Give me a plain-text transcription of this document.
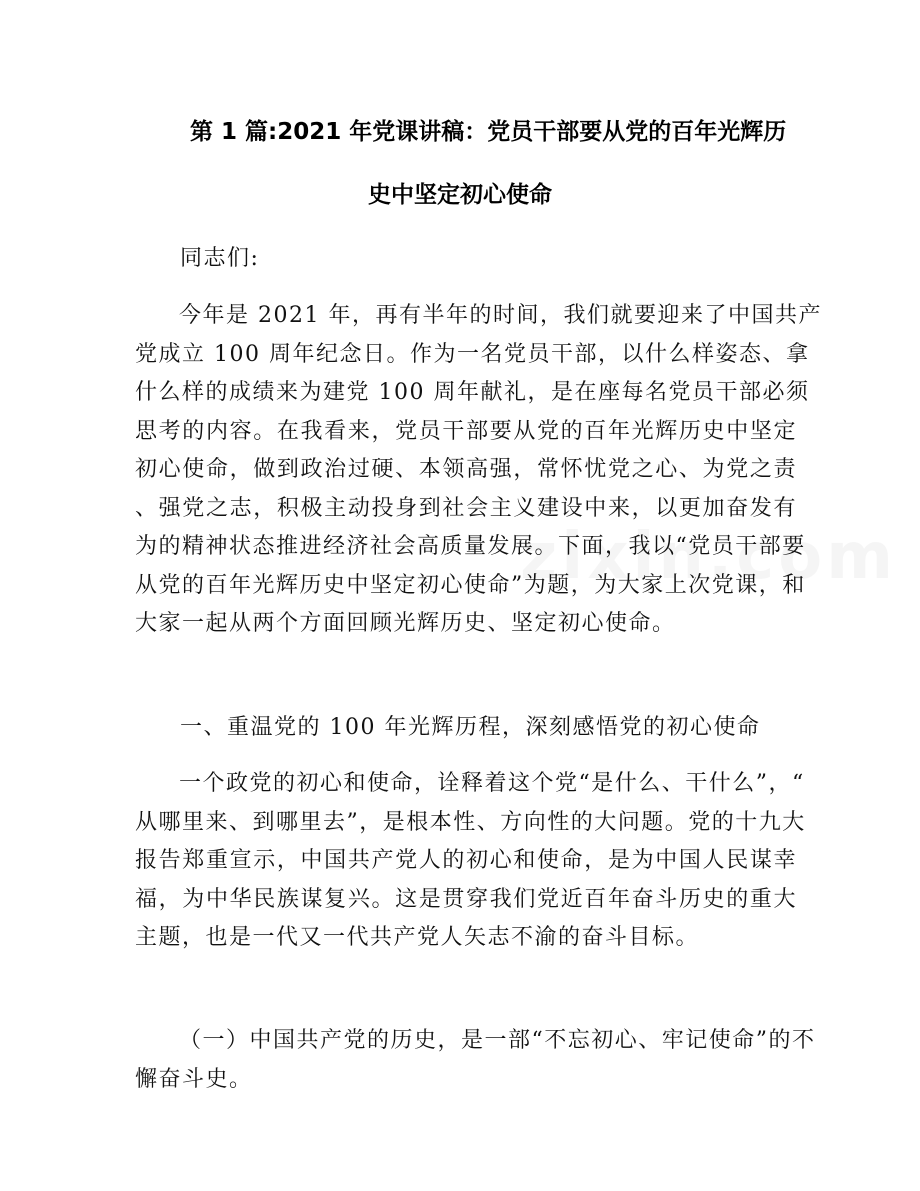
第 1 篇:2021 年党课讲稿：党员干部要从党的百年光辉历
史中坚定初心使命
同志们:
今年是 2021 年，再有半年的时间，我们就要迎来了中国共产
党成立 100 周年纪念日。作为一名党员干部，以什么样姿态、拿
什么样的成绩来为建党 100 周年献礼，是在座每名党员干部必须
思考的内容。在我看来，党员干部要从党的百年光辉历史中坚定
初心使命，做到政治过硬、本领高强，常怀忧党之心、为党之责
、强党之志，积极主动投身到社会主义建设中来，以更加奋发有
为的精神状态推进经济社会高质量发展。下面，我以“党员干部要
从党的百年光辉历史中坚定初心使命”为题，为大家上次党课，和
大家一起从两个方面回顾光辉历史、坚定初心使命。
一、重温党的 100 年光辉历程，深刻感悟党的初心使命
一个政党的初心和使命，诠释着这个党“是什么、干什么”，“
从哪里来、到哪里去”，是根本性、方向性的大问题。党的十九大
报告郑重宣示，中国共产党人的初心和使命，是为中国人民谋幸
福，为中华民族谋复兴。这是贯穿我们党近百年奋斗历史的重大
主题，也是一代又一代共产党人矢志不渝的奋斗目标。
（一）中国共产党的历史，是一部“不忘初心、牢记使命”的不
懈奋斗史。
